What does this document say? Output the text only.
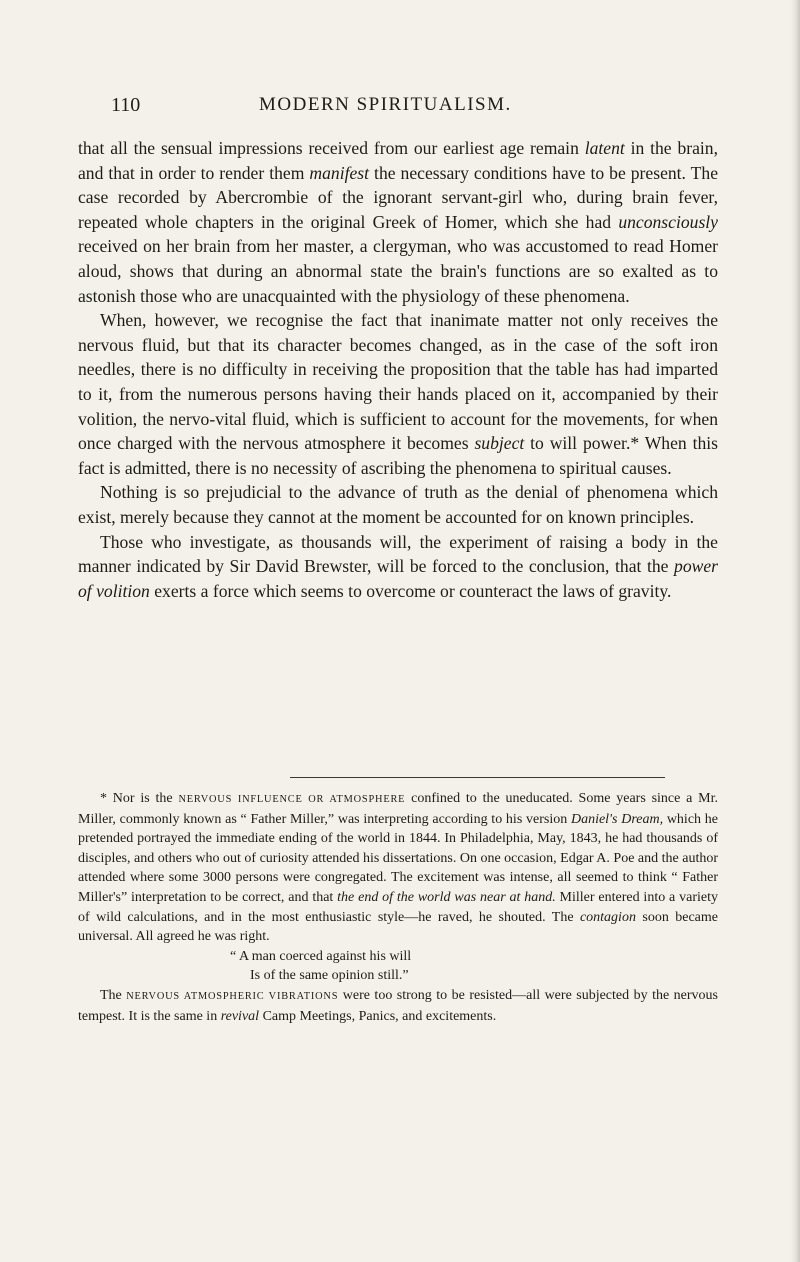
110	MODERN SPIRITUALISM.

that all the sensual impressions received from our earliest age remain latent in the brain, and that in order to render them manifest the necessary conditions have to be present. The case recorded by Abercrombie of the ignorant servant-girl who, during brain fever, repeated whole chapters in the original Greek of Homer, which she had unconsciously received on her brain from her master, a clergyman, who was accustomed to read Homer aloud, shows that during an abnormal state the brain's functions are so exalted as to astonish those who are unacquainted with the physiology of these phenomena.

When, however, we recognise the fact that inanimate matter not only receives the nervous fluid, but that its character becomes changed, as in the case of the soft iron needles, there is no difficulty in receiving the proposition that the table has had imparted to it, from the numerous persons having their hands placed on it, accompanied by their volition, the nervo-vital fluid, which is sufficient to account for the movements, for when once charged with the nervous atmosphere it becomes subject to will power.* When this fact is admitted, there is no necessity of ascribing the phenomena to spiritual causes.

Nothing is so prejudicial to the advance of truth as the denial of phenomena which exist, merely because they cannot at the moment be accounted for on known principles.

Those who investigate, as thousands will, the experiment of raising a body in the manner indicated by Sir David Brewster, will be forced to the conclusion, that the power of volition exerts a force which seems to overcome or counteract the laws of gravity.

* Nor is the NERVOUS INFLUENCE OR ATMOSPHERE confined to the uneducated. Some years since a Mr. Miller, commonly known as “ Father Miller,” was interpreting according to his version Daniel's Dream, which he pretended portrayed the immediate ending of the world in 1844. In Philadelphia, May, 1843, he had thousands of disciples, and others who out of curiosity attended his dissertations. On one occasion, Edgar A. Poe and the author attended where some 3000 persons were congregated. The excitement was intense, all seemed to think “ Father Miller's” interpretation to be correct, and that the end of the world was near at hand. Miller entered into a variety of wild calculations, and in the most enthusiastic style—he raved, he shouted. The contagion soon became universal. All agreed he was right.

“ A man coerced against his will

Is of the same opinion still.”

The NERVOUS ATMOSPHERIC VIBRATIONS were too strong to be resisted—all were subjected by the nervous tempest. It is the same in revival Camp Meetings, Panics, and excitements.
